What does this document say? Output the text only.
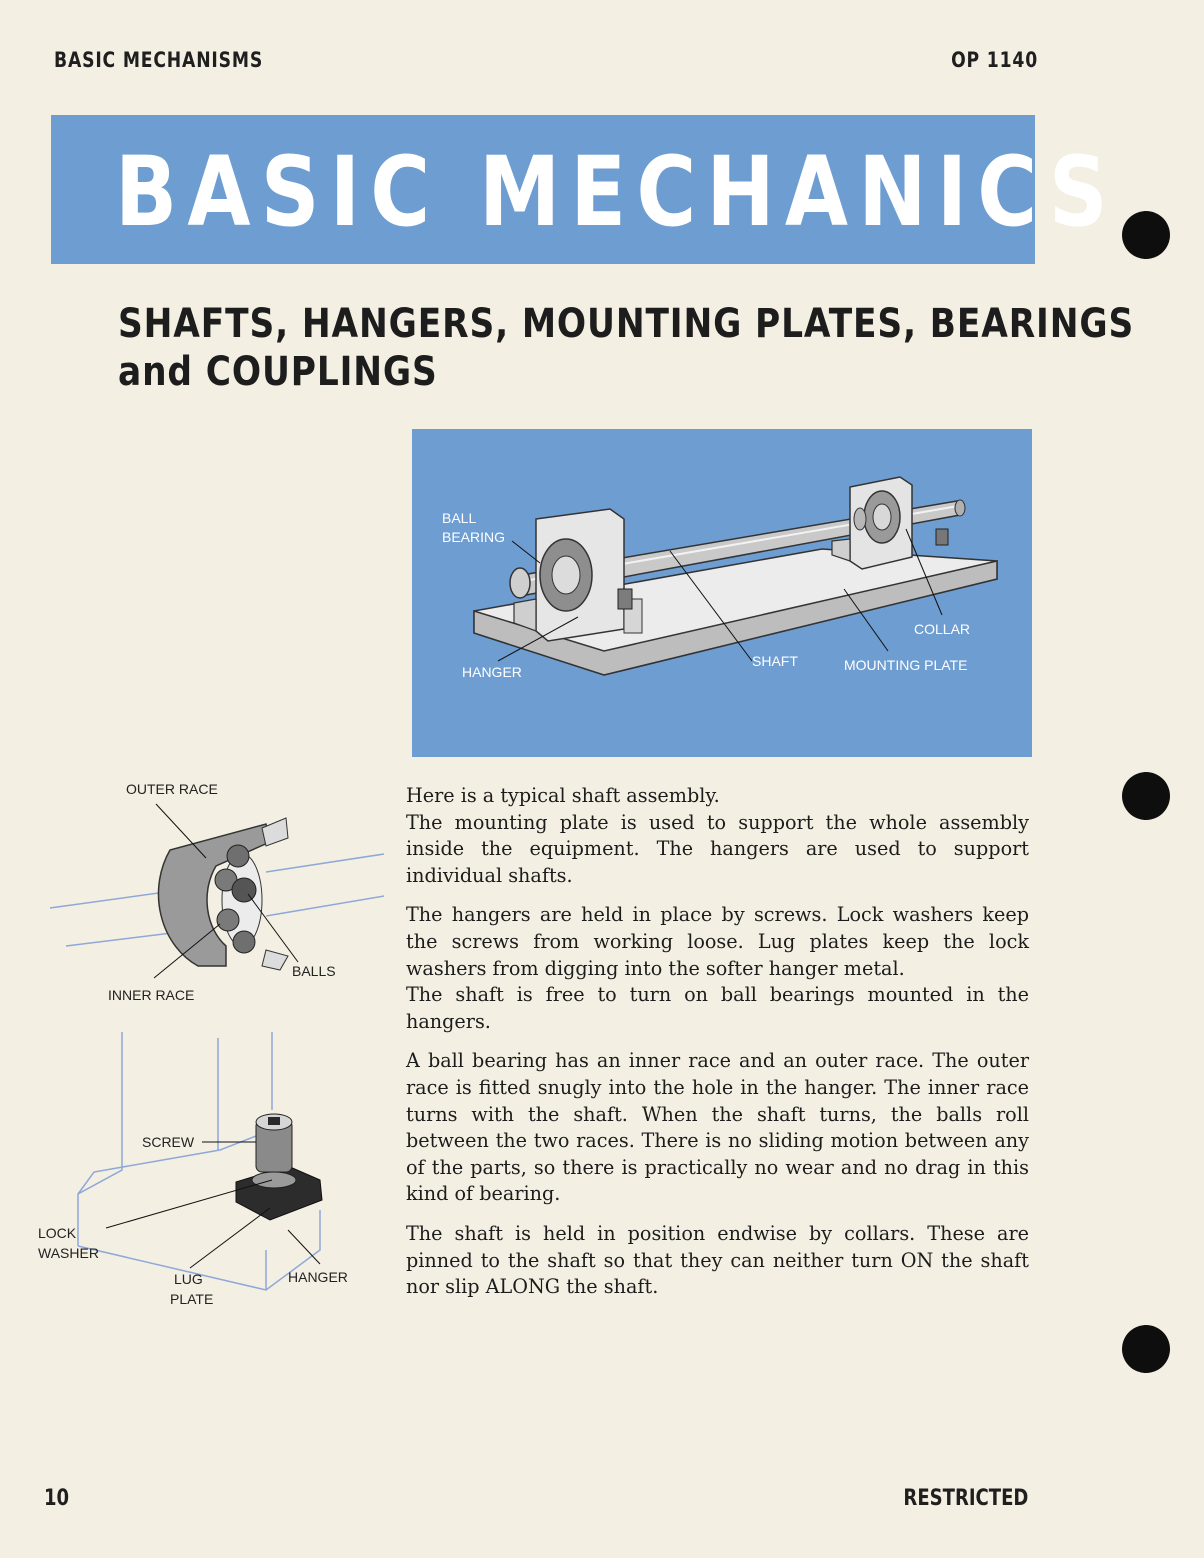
BASIC MECHANISMS	OP 1140
BASIC MECHANICS
SHAFTS, HANGERS, MOUNTING PLATES, BEARINGS
and COUPLINGS
BALL
BEARING
HANGER
SHAFT
COLLAR
MOUNTING PLATE
OUTER RACE
INNER RACE
BALLS
SCREW
LOCK
WASHER
LUG
PLATE
HANGER

Here is a typical shaft assembly.

The mounting plate is used to support the whole assembly inside the equipment. The hangers are used to support individual shafts.

The hangers are held in place by screws. Lock washers keep the screws from working loose. Lug plates keep the lock washers from digging into the softer hanger metal.

The shaft is free to turn on ball bearings mounted in the hangers.

A ball bearing has an inner race and an outer race. The outer race is fitted snugly into the hole in the hanger. The inner race turns with the shaft. When the shaft turns, the balls roll between the two races. There is no sliding motion between any of the parts, so there is practically no wear and no drag in this kind of bearing.

The shaft is held in position endwise by collars. These are pinned to the shaft so that they can neither turn ON the shaft nor slip ALONG the shaft.

10	RESTRICTED
